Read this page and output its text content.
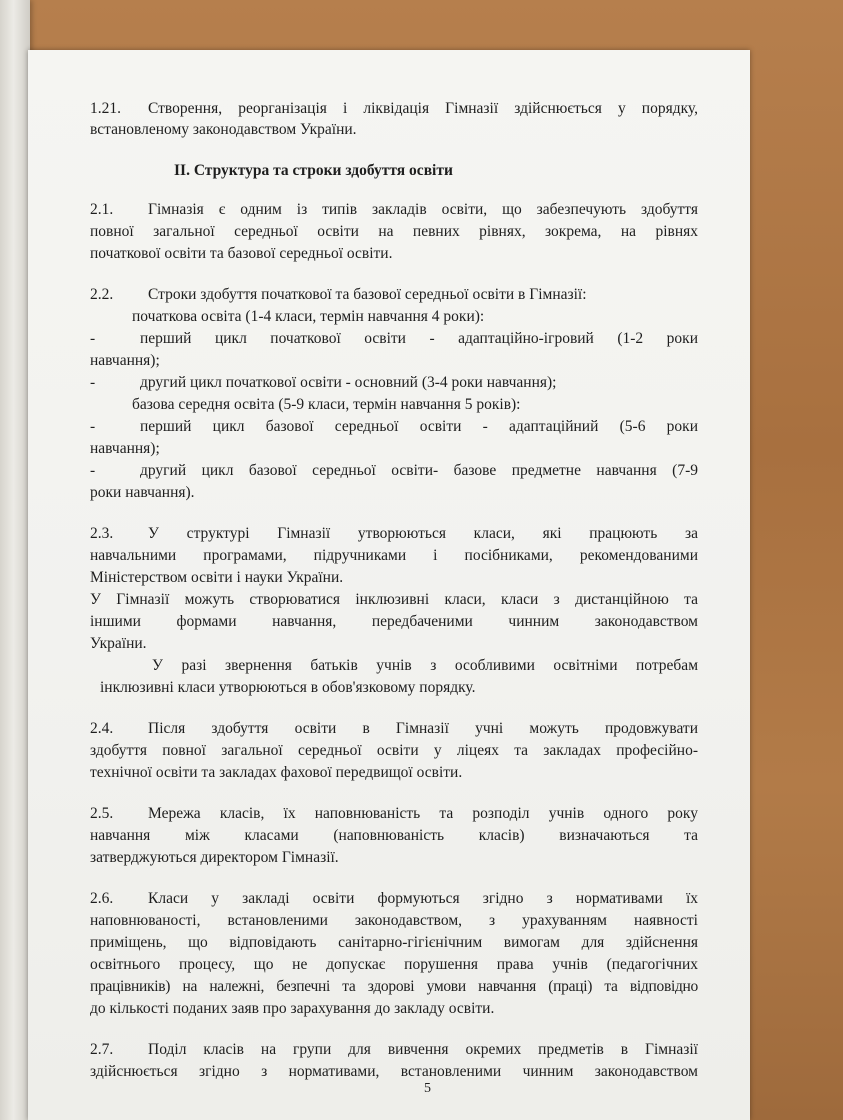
1.21. Створення, реорганізація і ліквідація Гімназії здійснюється у порядку,
встановленому законодавством України.
ІІ. Структура та строки здобуття освіти
2.1. Гімназія є одним із типів закладів освіти, що забезпечують здобуття
повної загальної середньої освіти на певних рівнях, зокрема, на рівнях
початкової освіти та базової середньої освіти.
2.2. Строки здобуття початкової та базової середньої освіти в Гімназії:
початкова освіта (1-4 класи, термін навчання 4 роки):
-	перший цикл початкової освіти - адаптаційно-ігровий (1-2 роки
навчання);
-	другий цикл початкової освіти - основний (3-4 роки навчання);
базова середня освіта (5-9 класи, термін навчання 5 років):
-	перший цикл базової середньої освіти - адаптаційний (5-6 роки
навчання);
-	другий цикл базової середньої освіти- базове предметне навчання (7-9
роки навчання).
2.3. У структурі Гімназії утворюються класи, які працюють за
навчальними програмами, підручниками і посібниками, рекомендованими
Міністерством освіти і науки України.
У Гімназії можуть створюватися інклюзивні класи, класи з дистанційною та
іншими формами навчання, передбаченими чинним законодавством
України.
У разі звернення батьків учнів з особливими освітніми потребам
інклюзивні класи утворюються в обов'язковому порядку.
2.4. Після здобуття освіти в Гімназії учні можуть продовжувати
здобуття повної загальної середньої освіти у ліцеях та закладах професійно-
технічної освіти та закладах фахової передвищої освіти.
2.5. Мережа класів, їх наповнюваність та розподіл учнів одного року
навчання між класами (наповнюваність класів) визначаються та
затверджуються директором Гімназії.
2.6. Класи у закладі освіти формуються згідно з нормативами їх
наповнюваності, встановленими законодавством, з урахуванням наявності
приміщень, що відповідають санітарно-гігієнічним вимогам для здійснення
освітнього процесу, що не допускає порушення права учнів (педагогічних
працівників) на належні, безпечні та здорові умови навчання (праці) та відповідно
до кількості поданих заяв про зарахування до закладу освіти.
2.7. Поділ класів на групи для вивчення окремих предметів в Гімназії
здійснюється згідно з нормативами, встановленими чинним законодавством
5
